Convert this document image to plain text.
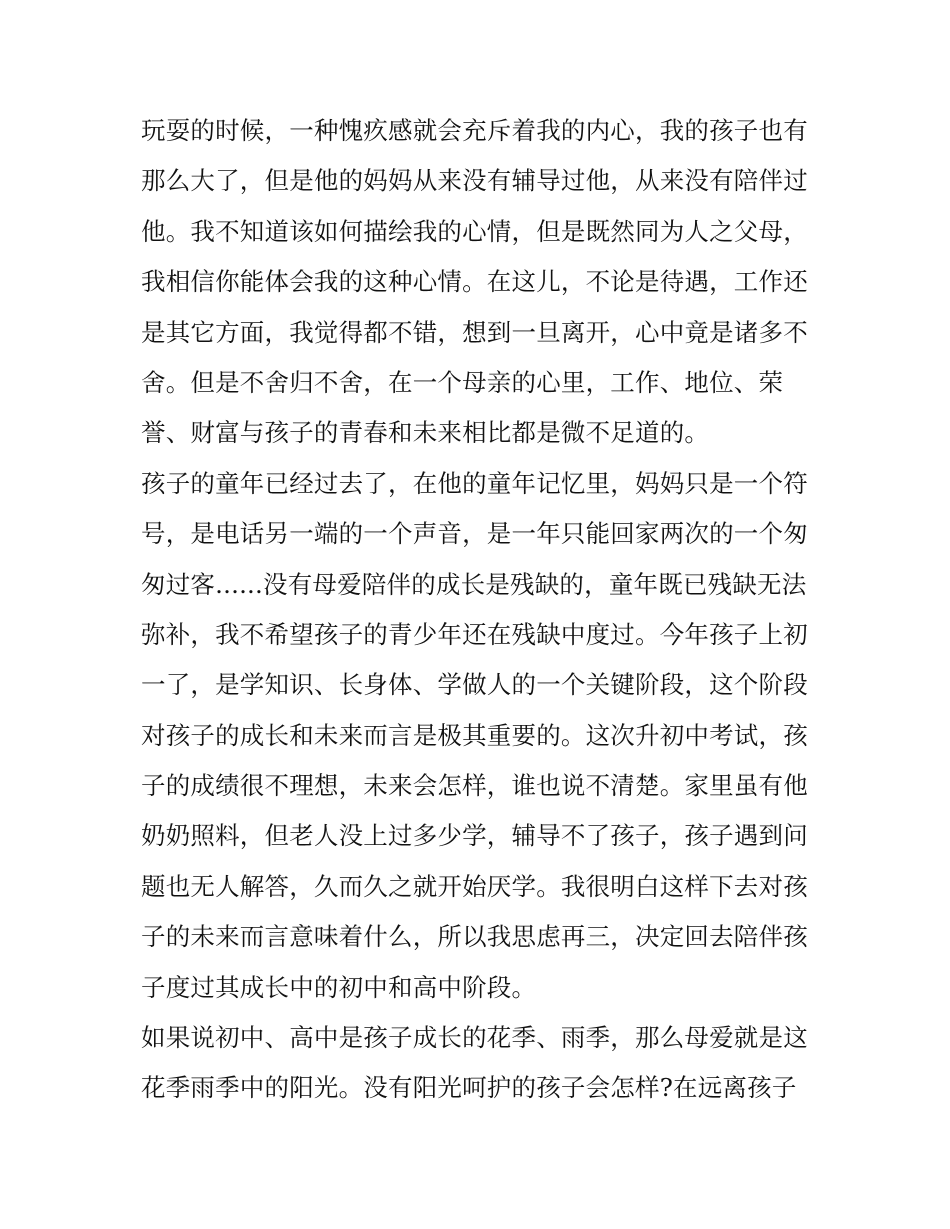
玩耍的时候，一种愧疚感就会充斥着我的内心，我的孩子也有
那么大了，但是他的妈妈从来没有辅导过他，从来没有陪伴过
他。我不知道该如何描绘我的心情，但是既然同为人之父母，
我相信你能体会我的这种心情。在这儿，不论是待遇，工作还
是其它方面，我觉得都不错，想到一旦离开，心中竟是诸多不
舍。但是不舍归不舍，在一个母亲的心里，工作、地位、荣
誉、财富与孩子的青春和未来相比都是微不足道的。
孩子的童年已经过去了，在他的童年记忆里，妈妈只是一个符
号，是电话另一端的一个声音，是一年只能回家两次的一个匆
匆过客......没有母爱陪伴的成长是残缺的，童年既已残缺无法
弥补，我不希望孩子的青少年还在残缺中度过。今年孩子上初
一了，是学知识、长身体、学做人的一个关键阶段，这个阶段
对孩子的成长和未来而言是极其重要的。这次升初中考试，孩
子的成绩很不理想，未来会怎样，谁也说不清楚。家里虽有他
奶奶照料，但老人没上过多少学，辅导不了孩子，孩子遇到问
题也无人解答，久而久之就开始厌学。我很明白这样下去对孩
子的未来而言意味着什么，所以我思虑再三，决定回去陪伴孩
子度过其成长中的初中和高中阶段。
如果说初中、高中是孩子成长的花季、雨季，那么母爱就是这
花季雨季中的阳光。没有阳光呵护的孩子会怎样?在远离孩子
